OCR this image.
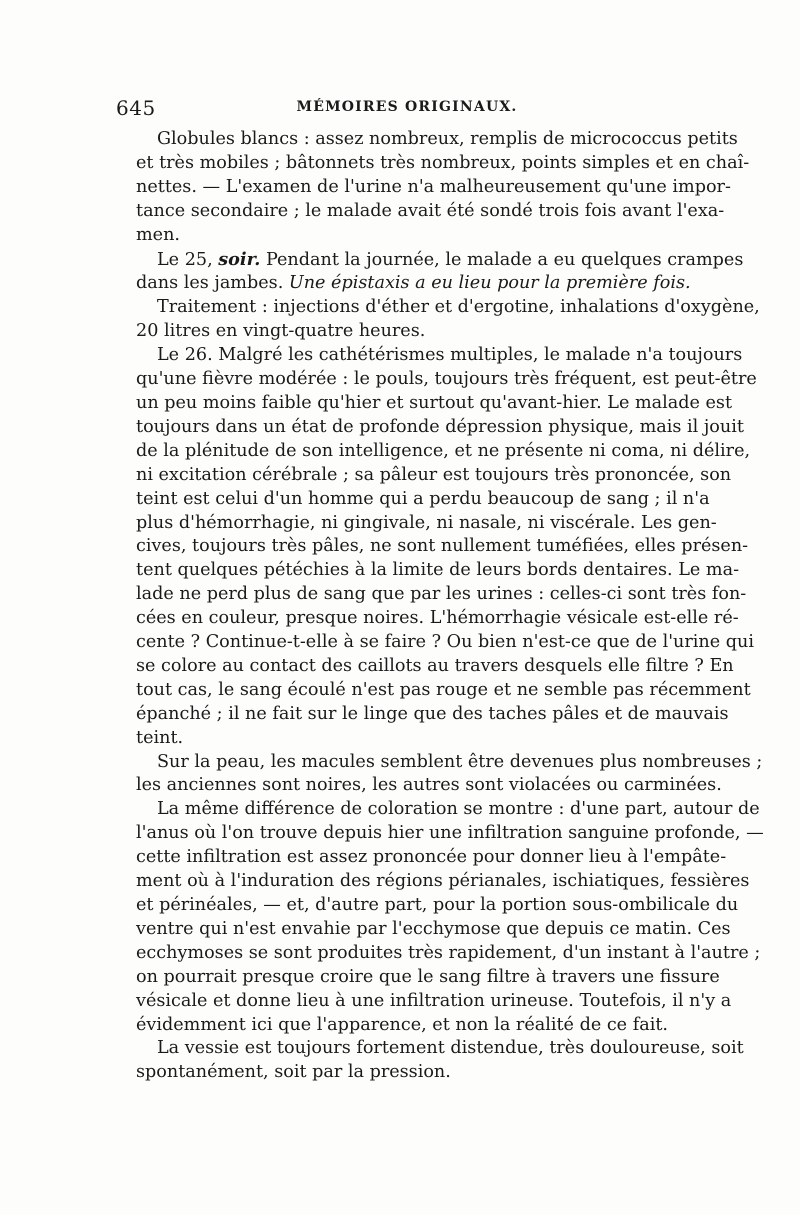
645	MÉMOIRES ORIGINAUX.

Globules blancs : assez nombreux, remplis de micrococcus petits
et très mobiles ; bâtonnets très nombreux, points simples et en chaî-
nettes. — L'examen de l'urine n'a malheureusement qu'une impor-
tance secondaire ; le malade avait été sondé trois fois avant l'exa-
men.

Le 25, soir. Pendant la journée, le malade a eu quelques crampes
dans les jambes. Une épistaxis a eu lieu pour la première fois.

Traitement : injections d'éther et d'ergotine, inhalations d'oxygène,
20 litres en vingt-quatre heures.

Le 26. Malgré les cathétérismes multiples, le malade n'a toujours
qu'une fièvre modérée : le pouls, toujours très fréquent, est peut-être
un peu moins faible qu'hier et surtout qu'avant-hier. Le malade est
toujours dans un état de profonde dépression physique, mais il jouit
de la plénitude de son intelligence, et ne présente ni coma, ni délire,
ni excitation cérébrale ; sa pâleur est toujours très prononcée, son
teint est celui d'un homme qui a perdu beaucoup de sang ; il n'a
plus d'hémorrhagie, ni gingivale, ni nasale, ni viscérale. Les gen-
cives, toujours très pâles, ne sont nullement tuméfiées, elles présen-
tent quelques pétéchies à la limite de leurs bords dentaires. Le ma-
lade ne perd plus de sang que par les urines : celles-ci sont très fon-
cées en couleur, presque noires. L'hémorrhagie vésicale est-elle ré-
cente ? Continue-t-elle à se faire ? Ou bien n'est-ce que de l'urine qui
se colore au contact des caillots au travers desquels elle filtre ? En
tout cas, le sang écoulé n'est pas rouge et ne semble pas récemment
épanché ; il ne fait sur le linge que des taches pâles et de mauvais
teint.

Sur la peau, les macules semblent être devenues plus nombreuses ;
les anciennes sont noires, les autres sont violacées ou carminées.

La même différence de coloration se montre : d'une part, autour de
l'anus où l'on trouve depuis hier une infiltration sanguine profonde, —
cette infiltration est assez prononcée pour donner lieu à l'empâte-
ment où à l'induration des régions périanales, ischiatiques, fessières
et périnéales, — et, d'autre part, pour la portion sous-ombilicale du
ventre qui n'est envahie par l'ecchymose que depuis ce matin. Ces
ecchymoses se sont produites très rapidement, d'un instant à l'autre ;
on pourrait presque croire que le sang filtre à travers une fissure
vésicale et donne lieu à une infiltration urineuse. Toutefois, il n'y a
évidemment ici que l'apparence, et non la réalité de ce fait.

La vessie est toujours fortement distendue, très douloureuse, soit
spontanément, soit par la pression.
